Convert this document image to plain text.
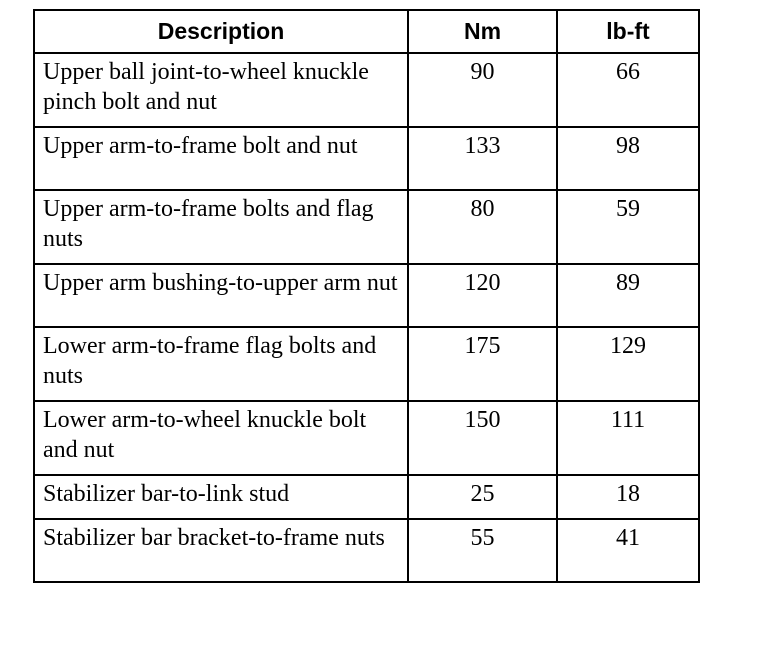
Description	Nm	lb-ft
Upper ball joint-to-wheel knuckle pinch bolt and nut	90	66
Upper arm-to-frame bolt and nut	133	98
Upper arm-to-frame bolts and flag nuts	80	59
Upper arm bushing-to-upper arm nut	120	89
Lower arm-to-frame flag bolts and nuts	175	129
Lower arm-to-wheel knuckle bolt and nut	150	111
Stabilizer bar-to-link stud	25	18
Stabilizer bar bracket-to-frame nuts	55	41
